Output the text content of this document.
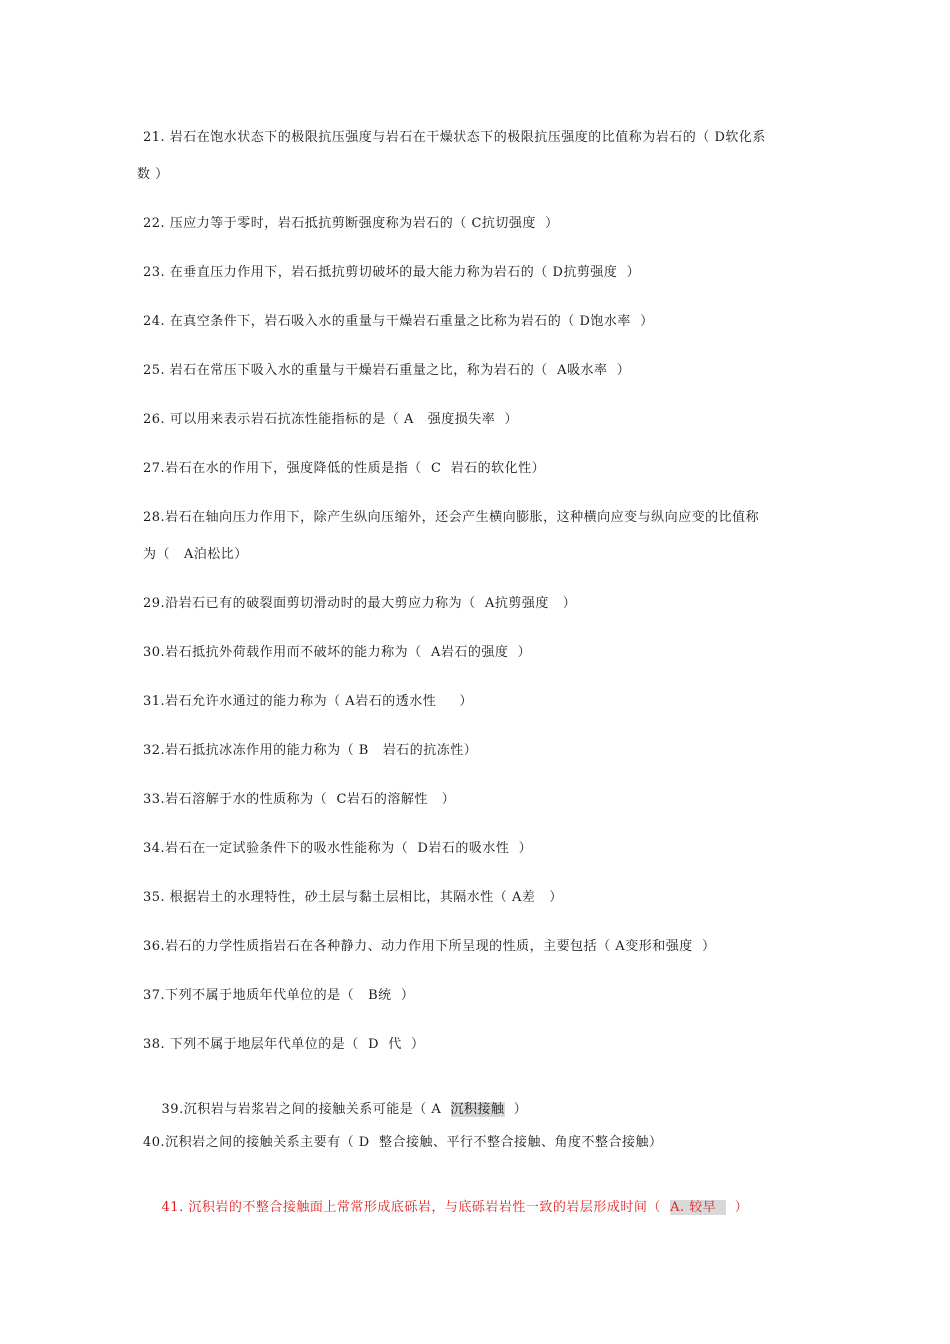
21. 岩石在饱水状态下的极限抗压强度与岩石在干燥状态下的极限抗压强度的比值称为岩石的（ D软化系
数 ）
22. 压应力等于零时，岩石抵抗剪断强度称为岩石的（ C抗切强度  ）
23. 在垂直压力作用下，岩石抵抗剪切破坏的最大能力称为岩石的（ D抗剪强度  ）
24. 在真空条件下，岩石吸入水的重量与干燥岩石重量之比称为岩石的（ D饱水率  ）
25. 岩石在常压下吸入水的重量与干燥岩石重量之比，称为岩石的（  A吸水率  ）
26. 可以用来表示岩石抗冻性能指标的是（ A   强度损失率  ）
27.岩石在水的作用下，强度降低的性质是指（  C  岩石的软化性）
28.岩石在轴向压力作用下，除产生纵向压缩外，还会产生横向膨胀，这种横向应变与纵向应变的比值称
为（   A泊松比）
29.沿岩石已有的破裂面剪切滑动时的最大剪应力称为（  A抗剪强度   ）
30.岩石抵抗外荷载作用而不破坏的能力称为（  A岩石的强度  ）
31.岩石允许水通过的能力称为（ A岩石的透水性     ）
32.岩石抵抗冰冻作用的能力称为（ B   岩石的抗冻性）
33.岩石溶解于水的性质称为（  C岩石的溶解性   ）
34.岩石在一定试验条件下的吸水性能称为（  D岩石的吸水性  ）
35. 根据岩土的水理特性，砂土层与黏土层相比，其隔水性（ A差   ）
36.岩石的力学性质指岩石在各种静力、动力作用下所呈现的性质，主要包括（ A变形和强度  ）
37.下列不属于地质年代单位的是（   B统  ）
38. 下列不属于地层年代单位的是（  D  代  ）

39.沉积岩与岩浆岩之间的接触关系可能是（ A  沉积接触  ）

40.沉积岩之间的接触关系主要有（ D  整合接触、平行不整合接触、角度不整合接触）

41. 沉积岩的不整合接触面上常常形成底砾岩，与底砾岩岩性一致的岩层形成时间（  A. 较早    ）
